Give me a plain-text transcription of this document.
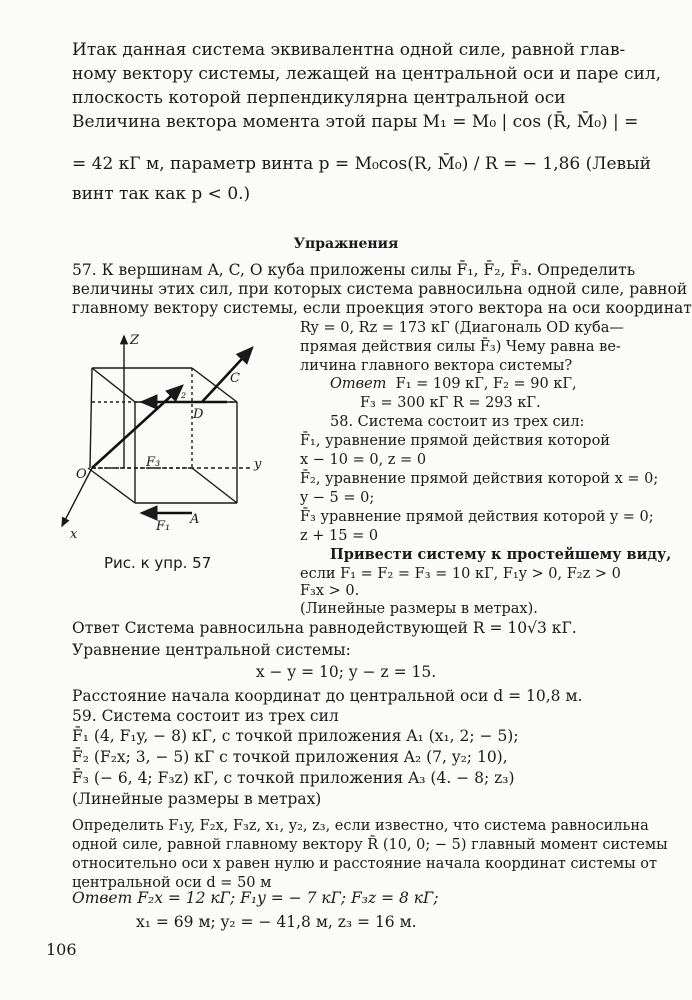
Итак данная система эквивалентна одной силе, равной глав-
ному вектору системы, лежащей на центральной оси и паре сил,
плоскость которой перпендикулярна центральной оси
Величина вектора момента этой пары M₁ = M₀ | cos (R̄, M̄₀) | =
= 42 кГ м, параметр винта p = M₀cos(R, M̄₀) / R = − 1,86 (Левый
винт так как p < 0.)
Упражнения
57. К вершинам A, C, O куба приложены силы F̄₁, F̄₂, F̄₃. Определить
величины этих сил, при которых система равносильна одной силе, равной
главному вектору системы, если проекция этого вектора на оси координат
Ry = 0, Rz = 173 кГ (Диагональ OD куба—
прямая действия силы F̄₃) Чему равна ве-
личина главного вектора системы?
Ответ F₁ = 109 кГ, F₂ = 90 кГ,
F₃ = 300 кГ R = 293 кГ.
58. Система состоит из трех сил:
F̄₁, уравнение прямой действия которой
x − 10 = 0, z = 0
F̄₂, уравнение прямой действия которой x = 0;
y − 5 = 0;
F̄₃ уравнение прямой действия которой y = 0;
z + 15 = 0
Привести систему к простейшему виду,
если F₁ = F₂ = F₃ = 10 кГ, F₁y > 0, F₂z > 0
F₃x > 0.
(Линейные размеры в метрах).
Ответ Система равносильна равнодействующей R = 10√3 кГ.
Уравнение центральной системы:
x − y = 10; y − z = 15.
Расстояние начала координат до центральной оси d = 10,8 м.
59. Система состоит из трех сил
F̄₁ (4, F₁y, − 8) кГ, с точкой приложения A₁ (x₁, 2; − 5);
F̄₂ (F₂x; 3, − 5) кГ с точкой приложения A₂ (7, y₂; 10),
F̄₃ (− 6, 4; F₃z) кГ, с точкой приложения A₃ (4. − 8; z₃)
(Линейные размеры в метрах)
Определить F₁y, F₂x, F₃z, x₁, y₂, z₃, если известно, что система равносильна
одной силе, равной главному вектору R̄ (10, 0; − 5) главный момент системы
относительно оси x равен нулю и расстояние начала координат системы от
центральной оси d = 50 м
Ответ F₂x = 12 кГ; F₁y = − 7 кГ; F₃z = 8 кГ;
x₁ = 69 м; y₂ = − 41,8 м, z₃ = 16 м.
Z
y
x
O
A
C
D
F₁
F₂
F₃
Рис. к упр. 57
106
